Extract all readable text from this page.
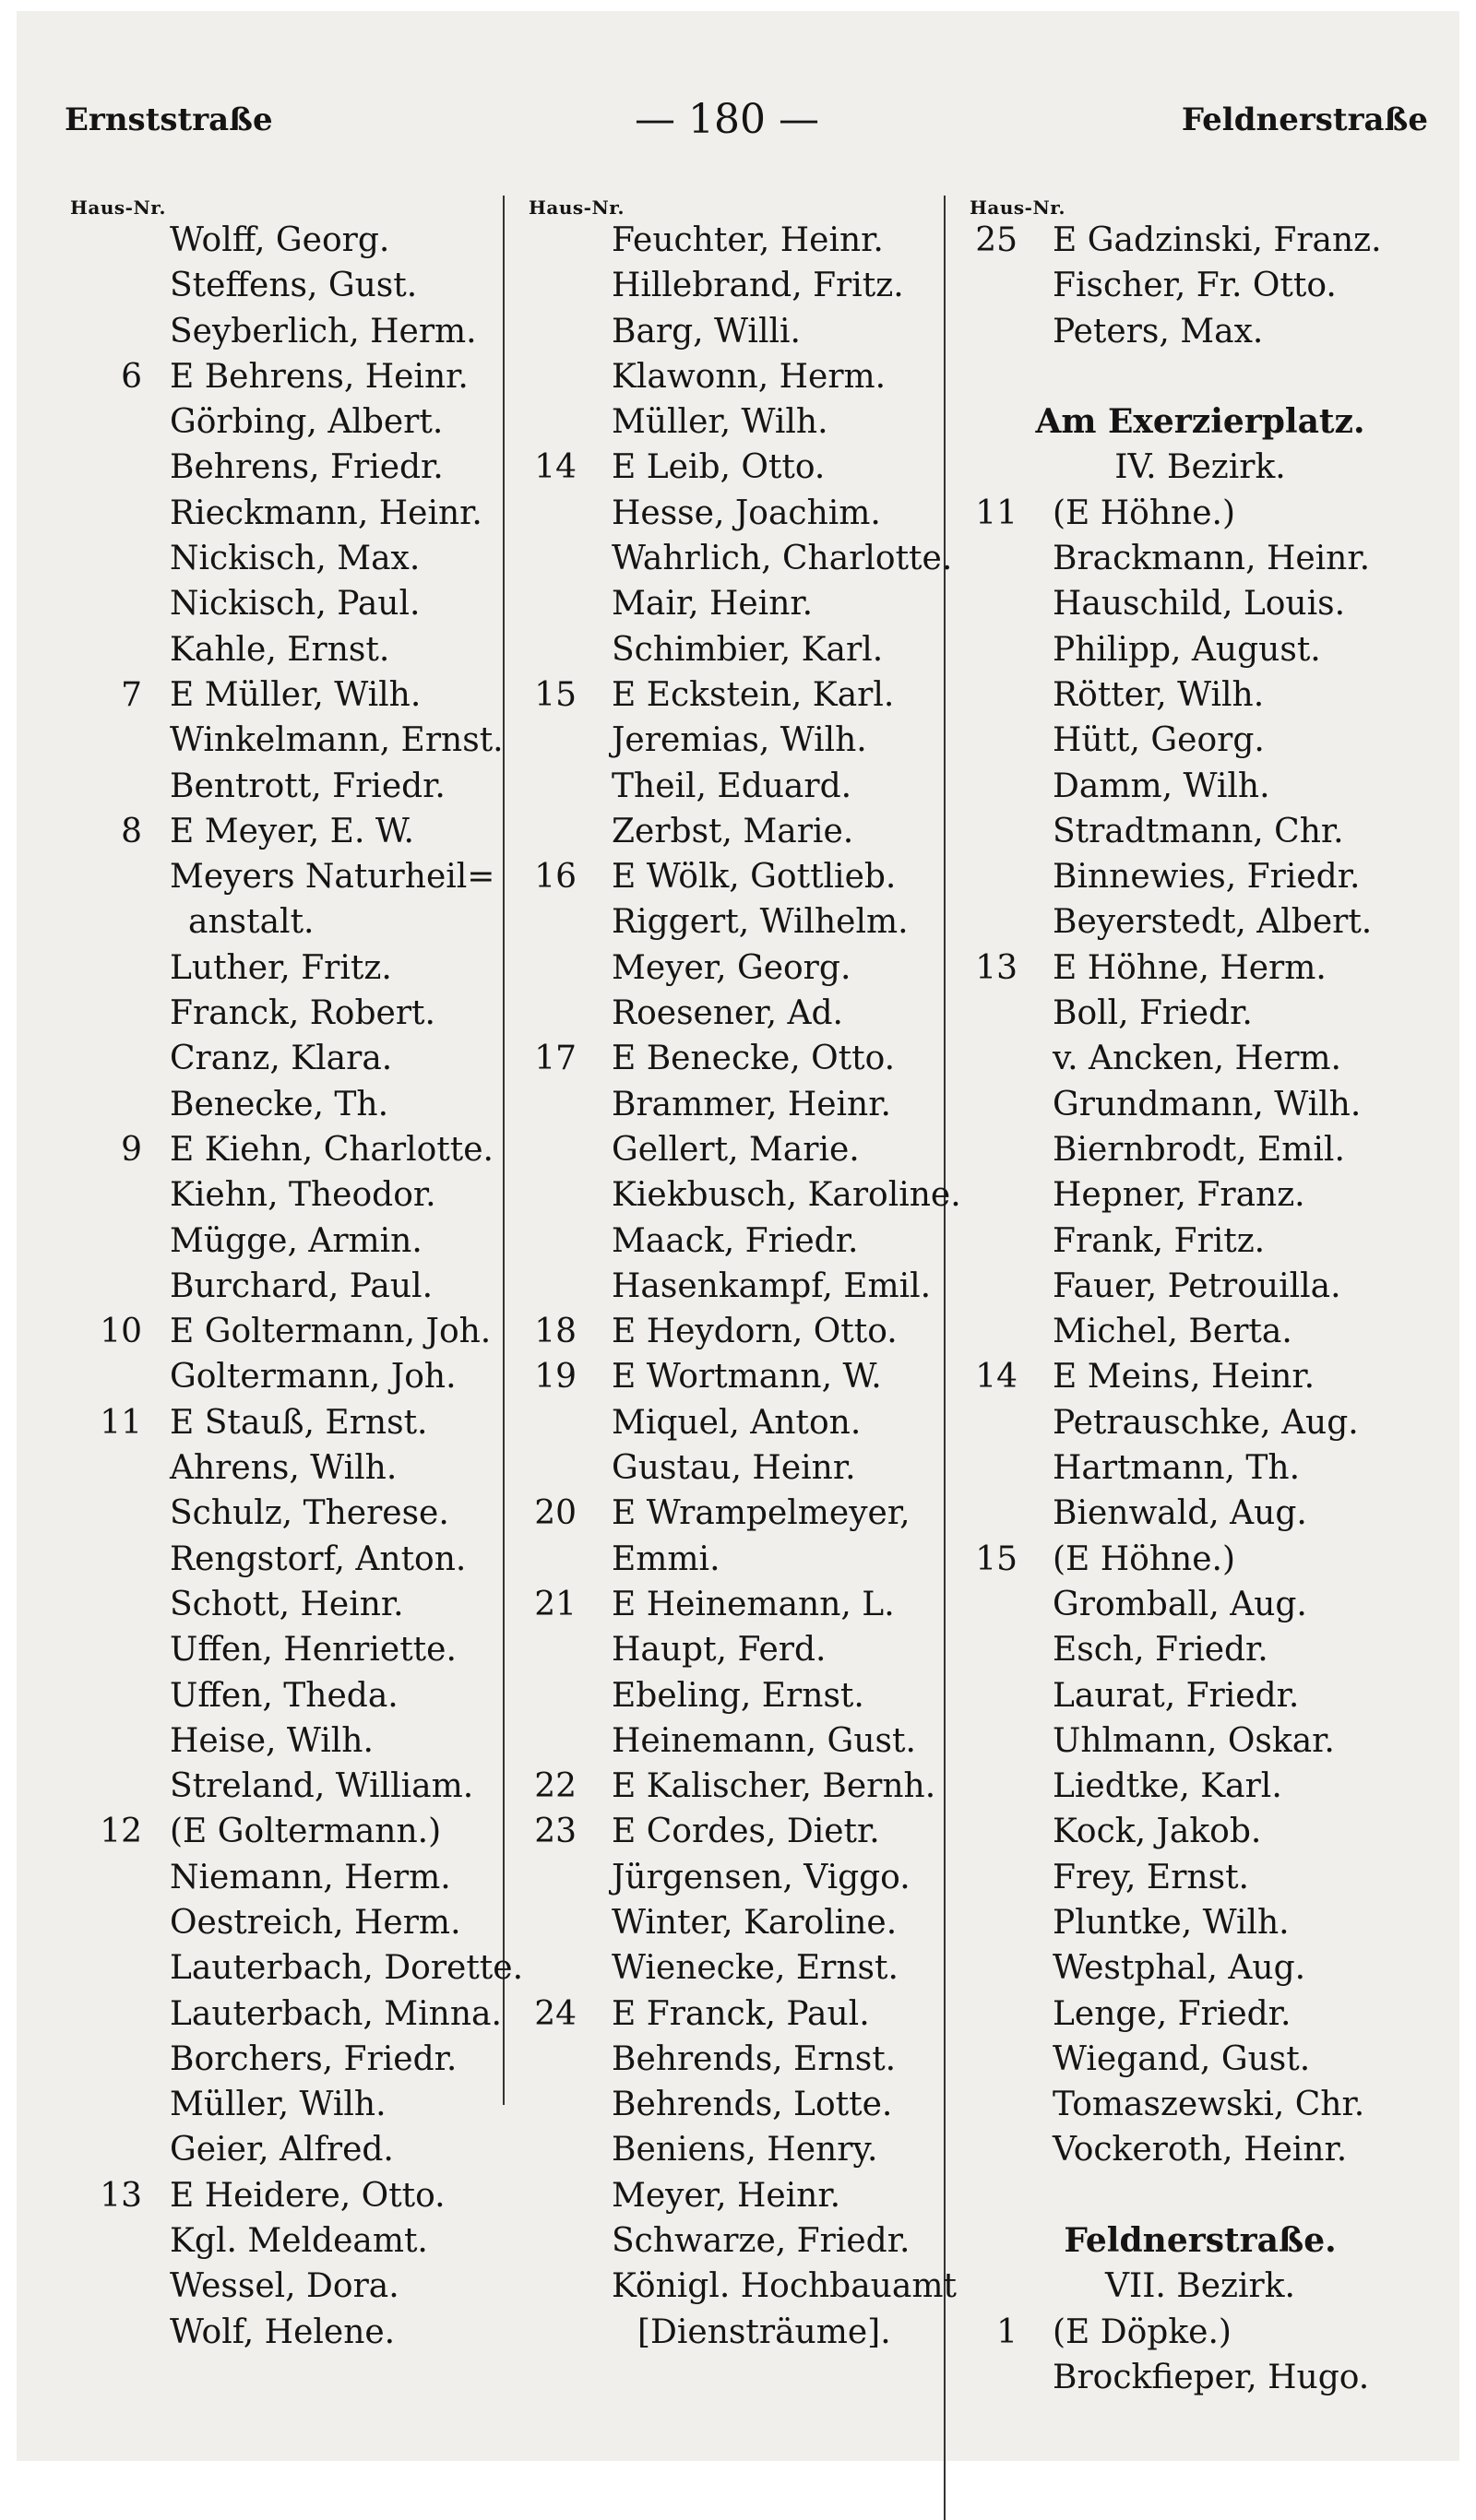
Ernststraße	— 180 —	Feldnerstraße
Haus-Nr.
Wolff, Georg.
Steffens, Gust.
Seyberlich, Herm.
6 E Behrens, Heinr.
Görbing, Albert.
Behrens, Friedr.
Rieckmann, Heinr.
Nickisch, Max.
Nickisch, Paul.
Kahle, Ernst.
7 E Müller, Wilh.
Winkelmann, Ernst.
Bentrott, Friedr.
8 E Meyer, E. W.
Meyers Naturheil=
anstalt.
Luther, Fritz.
Franck, Robert.
Cranz, Klara.
Benecke, Th.
9 E Kiehn, Charlotte.
Kiehn, Theodor.
Mügge, Armin.
Burchard, Paul.
10 E Goltermann, Joh.
Goltermann, Joh.
11 E Stauß, Ernst.
Ahrens, Wilh.
Schulz, Therese.
Rengstorf, Anton.
Schott, Heinr.
Uffen, Henriette.
Uffen, Theda.
Heise, Wilh.
Streland, William.
12 (E Goltermann.)
Niemann, Herm.
Oestreich, Herm.
Lauterbach, Dorette.
Lauterbach, Minna.
Borchers, Friedr.
Müller, Wilh.
Geier, Alfred.
13 E Heidere, Otto.
Kgl. Meldeamt.
Wessel, Dora.
Wolf, Helene.
Haus-Nr.
Feuchter, Heinr.
Hillebrand, Fritz.
Barg, Willi.
Klawonn, Herm.
Müller, Wilh.
14 E Leib, Otto.
Hesse, Joachim.
Wahrlich, Charlotte.
Mair, Heinr.
Schimbier, Karl.
15 E Eckstein, Karl.
Jeremias, Wilh.
Theil, Eduard.
Zerbst, Marie.
16 E Wölk, Gottlieb.
Riggert, Wilhelm.
Meyer, Georg.
Roesener, Ad.
17 E Benecke, Otto.
Brammer, Heinr.
Gellert, Marie.
Kiekbusch, Karoline.
Maack, Friedr.
Hasenkampf, Emil.
18 E Heydorn, Otto.
19 E Wortmann, W.
Miquel, Anton.
Gustau, Heinr.
20 E Wrampelmeyer,
Emmi.
21 E Heinemann, L.
Haupt, Ferd.
Ebeling, Ernst.
Heinemann, Gust.
22 E Kalischer, Bernh.
23 E Cordes, Dietr.
Jürgensen, Viggo.
Winter, Karoline.
Wienecke, Ernst.
24 E Franck, Paul.
Behrends, Ernst.
Behrends, Lotte.
Beniens, Henry.
Meyer, Heinr.
Schwarze, Friedr.
Königl. Hochbauamt
[Diensträume].
Haus-Nr.
25 E Gadzinski, Franz.
Fischer, Fr. Otto.
Peters, Max.
Am Exerzierplatz.
IV. Bezirk.
11 (E Höhne.)
Brackmann, Heinr.
Hauschild, Louis.
Philipp, August.
Rötter, Wilh.
Hütt, Georg.
Damm, Wilh.
Stradtmann, Chr.
Binnewies, Friedr.
Beyerstedt, Albert.
13 E Höhne, Herm.
Boll, Friedr.
v. Ancken, Herm.
Grundmann, Wilh.
Biernbrodt, Emil.
Hepner, Franz.
Frank, Fritz.
Fauer, Petrouilla.
Michel, Berta.
14 E Meins, Heinr.
Petrauschke, Aug.
Hartmann, Th.
Bienwald, Aug.
15 (E Höhne.)
Gromball, Aug.
Esch, Friedr.
Laurat, Friedr.
Uhlmann, Oskar.
Liedtke, Karl.
Kock, Jakob.
Frey, Ernst.
Pluntke, Wilh.
Westphal, Aug.
Lenge, Friedr.
Wiegand, Gust.
Tomaszewski, Chr.
Vockeroth, Heinr.
Feldnerstraße.
VII. Bezirk.
1 (E Döpke.)
Brockfieper, Hugo.
